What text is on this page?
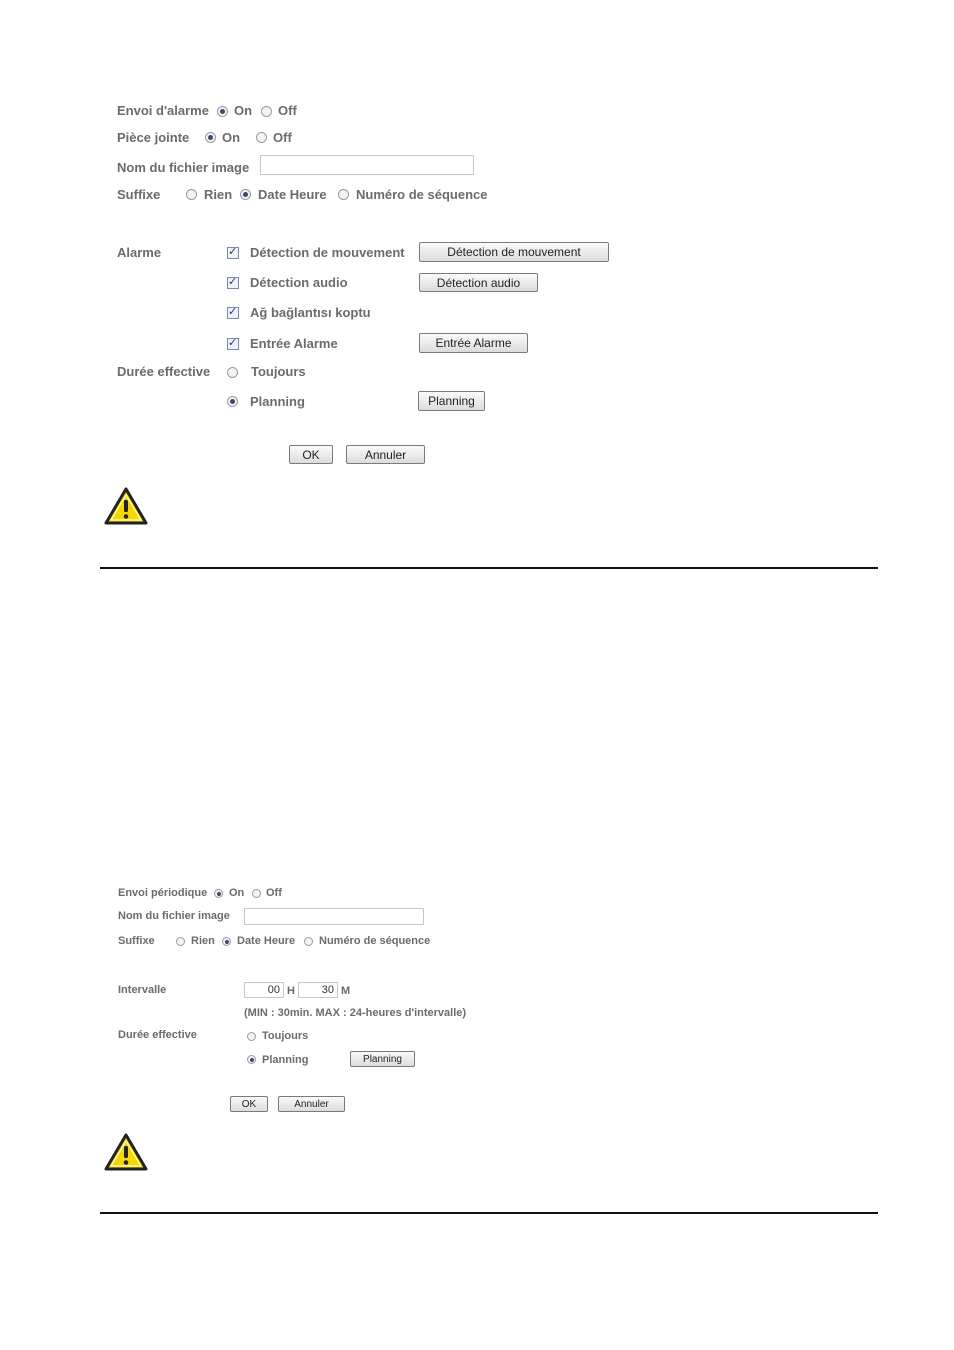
Envoi d'alarme On Off
Pièce jointe	On	Off
Nom du fichier image
Suffixe	Rien Date Heure Numéro de séquence
Alarme
✓	Détection de mouvement	Détection de mouvement
✓
Détection audio	Détection audio
✓
Ağ bağlantısı koptu
✓
Entrée Alarme	Entrée Alarme
Durée effective	Toujours
Planning	Planning
OK	Annuler
Envoi périodique On Off
Nom du fichier image
Suffixe	Rien Date Heure Numéro de séquence
Intervalle
00	H
30	M
(MIN : 30min. MAX : 24-heures d'intervalle)
Durée effective	Toujours
Planning	Planning
OK	Annuler
